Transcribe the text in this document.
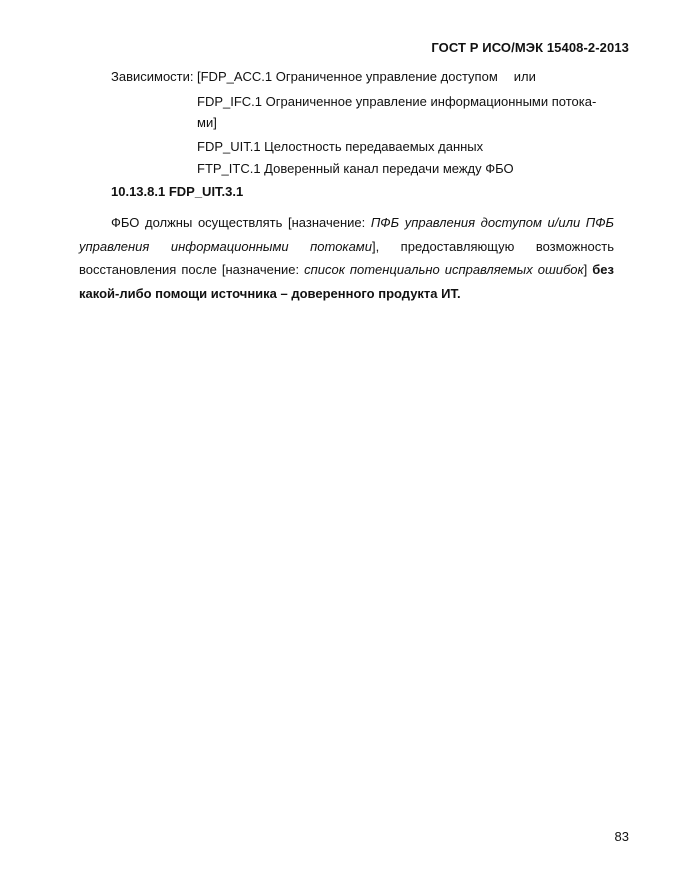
ГОСТ Р ИСО/МЭК 15408-2-2013
Зависимости: [FDP_ACC.1 Ограниченное управление доступом или
FDP_IFC.1 Ограниченное управление информационными потока-
ми]
FDP_UIT.1 Целостность передаваемых данных
FTP_ITC.1 Доверенный канал передачи между ФБО
10.13.8.1 FDP_UIT.3.1

ФБО должны осуществлять [назначение: ПФБ управления доступом и/или ПФБ управления информационными потоками], предоставляющую возможность восстановления после [назначение: список потенциально исправляемых ошибок] без какой-либо помощи источника – доверенного продукта ИТ.

83
